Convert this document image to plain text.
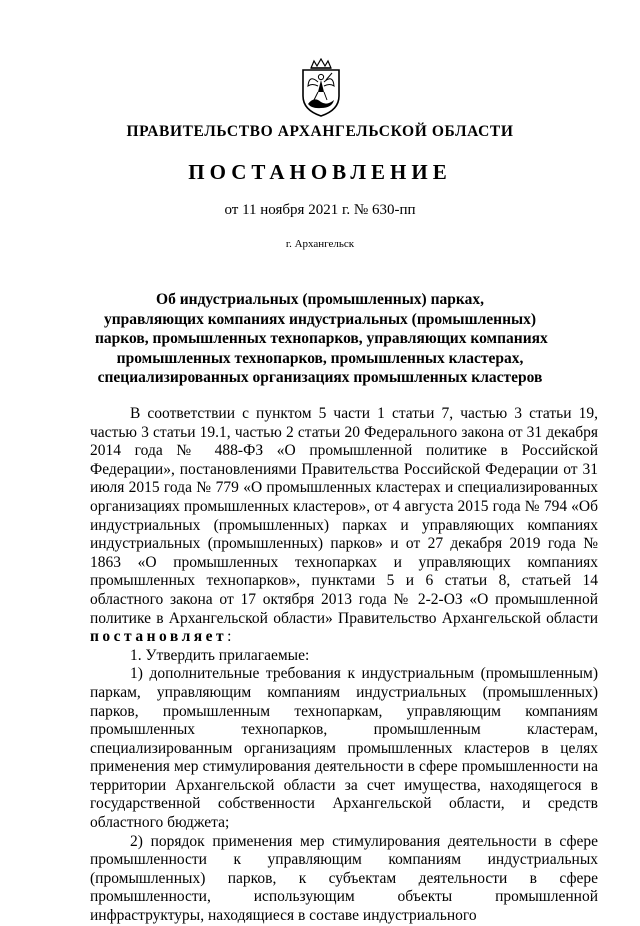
ПРАВИТЕЛЬСТВО АРХАНГЕЛЬСКОЙ ОБЛАСТИ
ПОСТАНОВЛЕНИЕ
от 11 ноября 2021 г. № 630-пп
г. Архангельск
Об индустриальных (промышленных) парках,
управляющих компаниях индустриальных (промышленных)
парков, промышленных технопарков, управляющих компаниях
промышленных технопарков, промышленных кластерах,
специализированных организациях промышленных кластеров

В соответствии с пунктом 5 части 1 статьи 7, частью 3 статьи 19, частью 3 статьи 19.1, частью 2 статьи 20 Федерального закона от 31 декабря 2014 года № 488-ФЗ «О промышленной политике в Российской Федерации», постановлениями Правительства Российской Федерации от 31 июля 2015 года № 779 «О промышленных кластерах и специализированных организациях промышленных кластеров», от 4 августа 2015 года № 794 «Об индустриальных (промышленных) парках и управляющих компаниях индустриальных (промышленных) парков» и от 27 декабря 2019 года № 1863 «О промышленных технопарках и управляющих компаниях промышленных технопарков», пунктами 5 и 6 статьи 8, статьей 14 областного закона от 17 октября 2013 года № 2-2-ОЗ «О промышленной политике в Архангельской области» Правительство Архангельской области постановляет:

1. Утвердить прилагаемые:

1) дополнительные требования к индустриальным (промышленным) паркам, управляющим компаниям индустриальных (промышленных) парков, промышленным технопаркам, управляющим компаниям промышленных технопарков, промышленным кластерам, специализированным организациям промышленных кластеров в целях применения мер стимулирования деятельности в сфере промышленности на территории Архангельской области за счет имущества, находящегося в государственной собственности Архангельской области, и средств областного бюджета;

2) порядок применения мер стимулирования деятельности в сфере промышленности к управляющим компаниям индустриальных (промышленных) парков, к субъектам деятельности в сфере промышленности, использующим объекты промышленной инфраструктуры, находящиеся в составе индустриального
